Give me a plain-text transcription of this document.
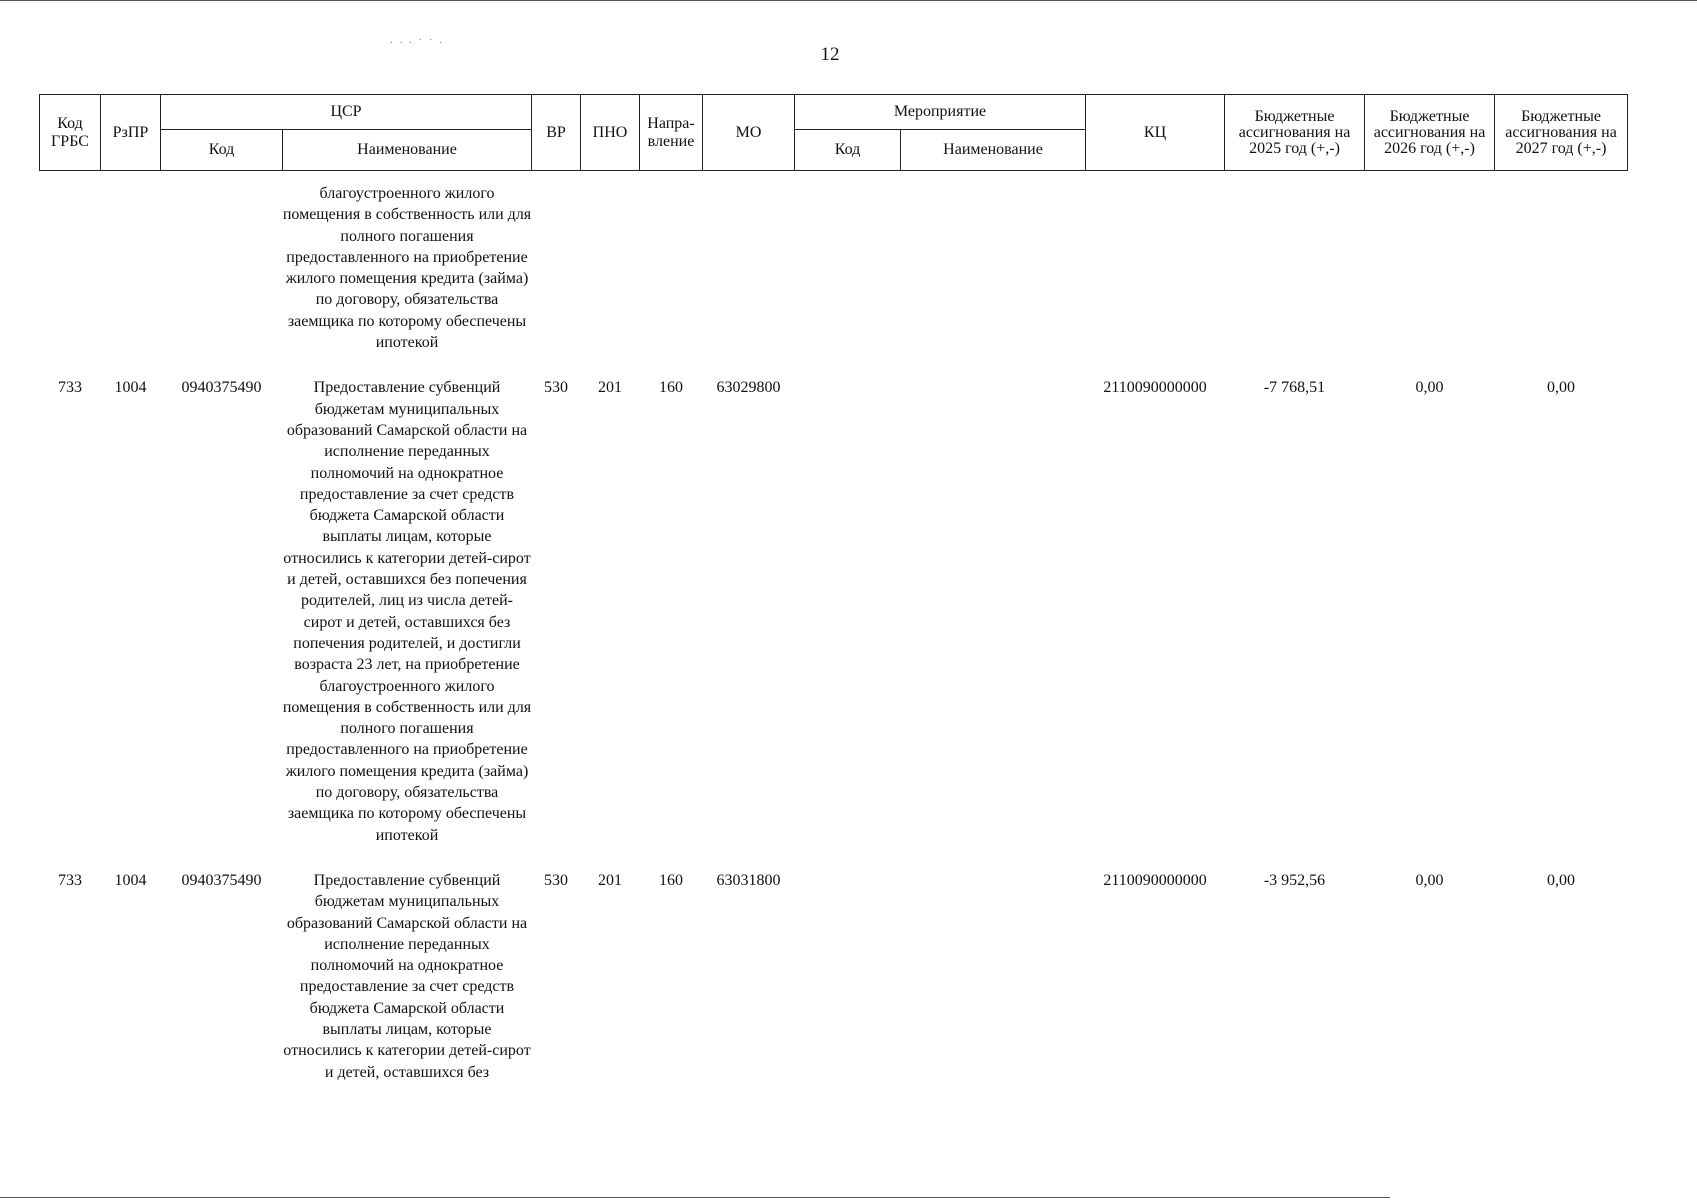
. . . · · .
12
Код ГРБС	РзПР	ЦСР		ВР	ПНО	Напра-вление	МО	Мероприятие		КЦ	Бюджетные ассигнования на 2025 год (+,-)	Бюджетные ассигнования на 2026 год (+,-)	Бюджетные ассигнования на 2027 год (+,-)
		Код	Наименование					Код	Наименование				

			благоустроенного жилого помещения в собственность или для полного погашения предоставленного на приобретение жилого помещения кредита (займа) по договору, обязательства заемщика по которому обеспечены ипотекой										

733	1004	0940375490	Предоставление субвенций бюджетам муниципальных образований Самарской области на исполнение переданных полномочий на однократное предоставление за счет средств бюджета Самарской области выплаты лицам, которые относились к категории детей-сирот и детей, оставшихся без попечения родителей, лиц из числа детей-сирот и детей, оставшихся без попечения родителей, и достигли возраста 23 лет, на приобретение благоустроенного жилого помещения в собственность или для полного погашения предоставленного на приобретение жилого помещения кредита (займа) по договору, обязательства заемщика по которому обеспечены ипотекой	530	201	160	63029800			2110090000000	-7 768,51	0,00	0,00

733	1004	0940375490	Предоставление субвенций бюджетам муниципальных образований Самарской области на исполнение переданных полномочий на однократное предоставление за счет средств бюджета Самарской области выплаты лицам, которые относились к категории детей-сирот и детей, оставшихся без	530	201	160	63031800			2110090000000	-3 952,56	0,00	0,00
